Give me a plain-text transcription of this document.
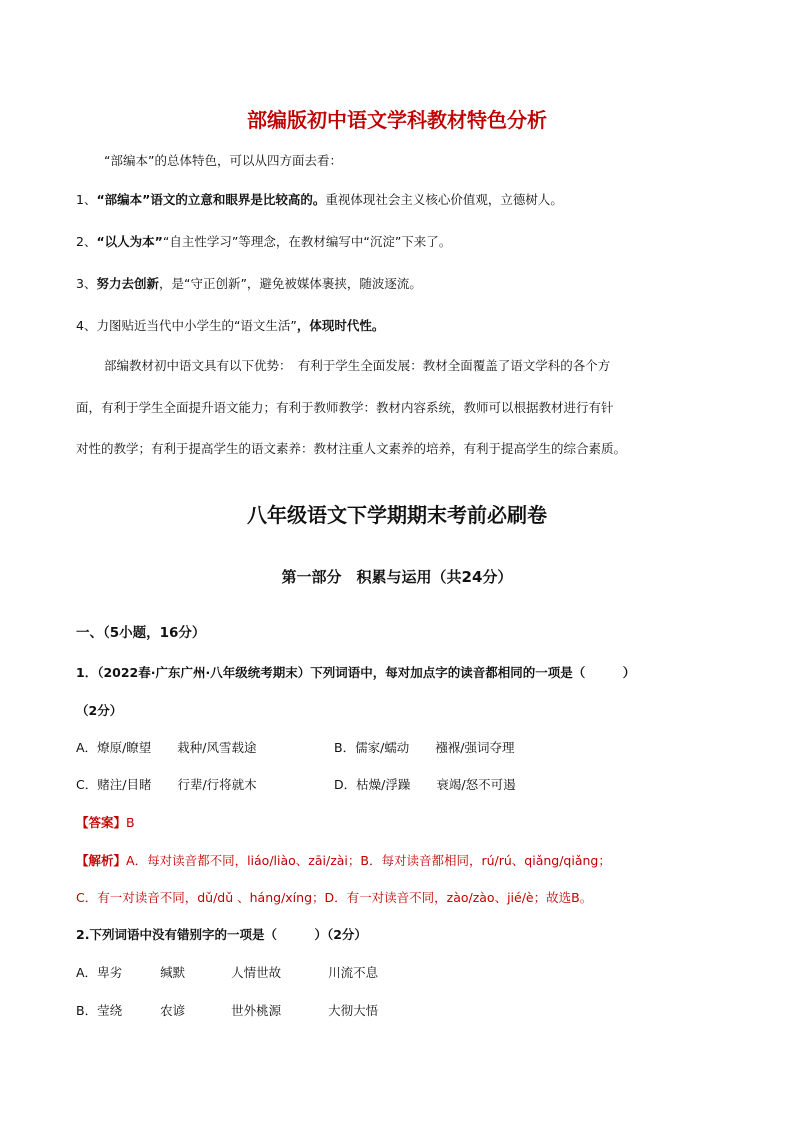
部编版初中语文学科教材特色分析
“部编本”的总体特色，可以从四方面去看：
1、“部编本”语文的立意和眼界是比较高的。重视体现社会主义核心价值观，立德树人。
2、“以人为本”“自主性学习”等理念，在教材编写中“沉淀”下来了。
3、努力去创新，是“守正创新”，避免被媒体裹挟，随波逐流。
4、力图贴近当代中小学生的“语文生活”，体现时代性。
部编教材初中语文具有以下优势：　有利于学生全面发展：教材全面覆盖了语文学科的各个方
面，有利于学生全面提升语文能力；有利于教师教学：教材内容系统，教师可以根据教材进行有针
对性的教学；有利于提高学生的语文素养：教材注重人文素养的培养，有利于提高学生的综合素质。
八年级语文下学期期末考前必刷卷
第一部分　积累与运用（共24分）
一、（5小题，16分）
1．（2022春·广东广州·八年级统考期末）下列词语中，每对加点字的读音都相同的一项是（　　　）
（2分）
A．燎原/瞭望 栽种/风雪载途	B．儒家/蠕动 襁褓/强词夺理
C．赌注/目睹 行辈/行将就木	D．枯燥/浮躁 衰竭/怒不可遏
【答案】B
【解析】A．每对读音都不同，liáo/liào、zāi/zài；B．每对读音都相同，rú/rú、qiǎng/qiǎng；
C．有一对读音不同，dǔ/dǔ 、háng/xíng；D．有一对读音不同，zào/zào、jié/è；故选B。
2.下列词语中没有错别字的一项是（　　　）（2分）
A．卑劣	缄默	人情世故	川流不息
B．莹绕	农谚	世外桃源	大彻大悟
